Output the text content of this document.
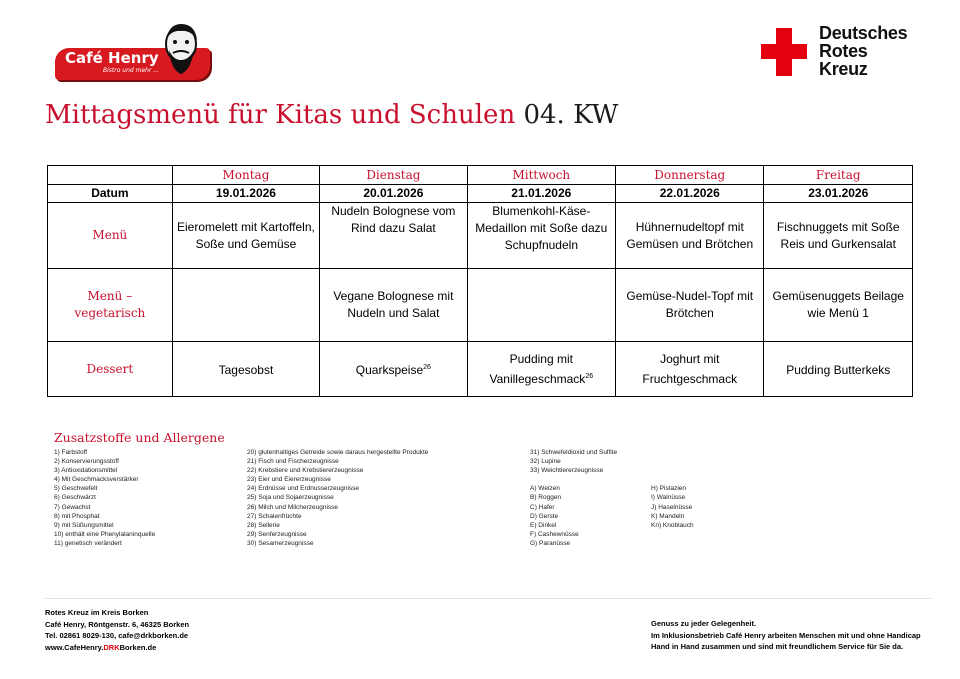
Café Henry
Bistro und mehr ...
Deutsches
Rotes
Kreuz
Mittagsmenü für Kitas und Schulen 04. KW
	Montag	Dienstag	Mittwoch	Donnerstag	Freitag
Datum	19.01.2026	20.01.2026	21.01.2026	22.01.2026	23.01.2026
Menü	Eieromelett mit Kartoffeln, Soße und Gemüse	Nudeln Bolognese vom Rind dazu Salat	Blumenkohl-Käse-Medaillon mit Soße dazu Schupfnudeln	Hühnernudeltopf mit Gemüsen und Brötchen	Fischnuggets mit Soße Reis und Gurkensalat
Menü – vegetarisch		Vegane Bolognese mit Nudeln und Salat		Gemüse-Nudel-Topf mit Brötchen	Gemüsenuggets Beilage wie Menü 1
Dessert	Tagesobst	Quarkspeise$^{26}$	Pudding mit Vanillegeschmack$^{26}$	Joghurt mit Fruchtgeschmack	Pudding Butterkeks
Zusatzstoffe und Allergene
1) Farbstoff
2) Konservierungsstoff
3) Antioxidationsmittel
4) Mit Geschmacksverstärker
5) Geschwefelt
6) Geschwärzt
7) Gewachst
8) mit Phosphat
9) mit Süßungsmittel
10) enthält eine Phenylalaninquelle
11) genetisch verändert
20) glutenhaltiges Getreide sowie daraus hergestellte Produkte
21) Fisch und Fischerzeugnisse
22) Krebstiere und Krebstiererzeugnisse
23) Eier und Eiererzeugnisse
24) Erdnüsse und Erdnusserzeugnisse
25) Soja und Sojaerzeugnisse
26) Milch und Milcherzeugnisse
27) Schalenfrüchte
28) Sellerie
29) Senferzeugnisse
30) Sesamerzeugnisse
31) Schwefeldioxid und Sulfite
32) Lupine
33) Weichtiererzeugnisse
A) Weizen
B) Roggen
C) Hafer
D) Gerste
E) Dinkel
F) Cashewnüsse
G) Paranüsse
H) Pistazien
I) Walnüsse
J) Haselnüsse
K) Mandeln
Kn) Knoblauch
Rotes Kreuz im Kreis Borken
Café Henry, Röntgenstr. 6, 46325 Borken
Tel. 02861 8029-130, cafe@drkborken.de
www.CafeHenry.DRKBorken.de
Genuss zu jeder Gelegenheit.
Im Inklusionsbetrieb Café Henry arbeiten Menschen mit und ohne Handicap
Hand in Hand zusammen und sind mit freundlichem Service für Sie da.
